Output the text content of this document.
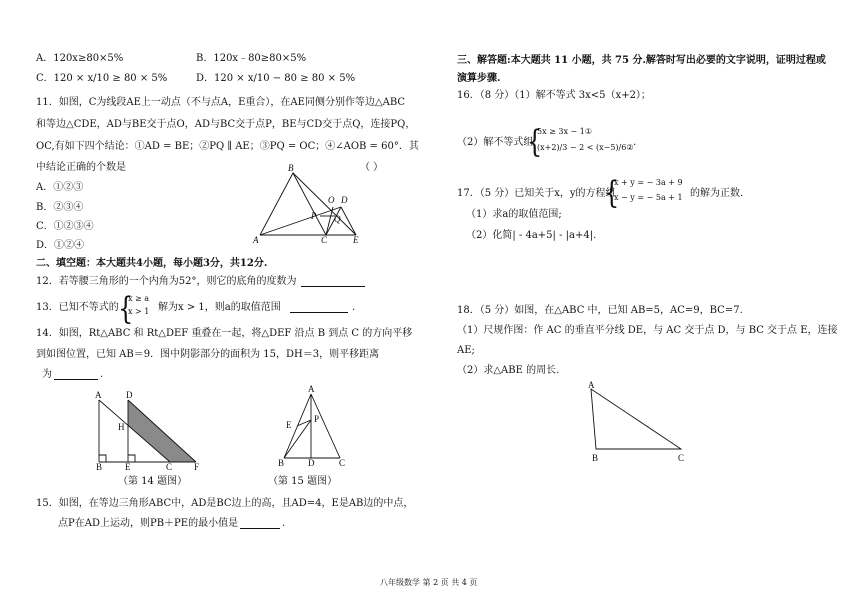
A．120x≥80×5%	B．120x﹣80≥80×5%
C．120 × x/10 ≥ 80 × 5%	D．120 × x/10 − 80 ≥ 80 × 5%
11．如图，C为线段AE上一动点（不与点A，E重合），在AE同侧分别作等边△ABC
和等边△CDE，AD与BE交于点O，AD与BC交于点P，BE与CD交于点Q，连接PQ，
OC,有如下四个结论：①AD = BE；②PQ ∥ AE；③PQ = OC；④∠AOB = 60°．其
中结论正确的个数是	（ ）
A．①②③
B．②③④
C．①②③④
D．①②④
B
O D
P Q
A	C	E
二、填空题：本大题共4小题，每小题3分，共12分.
12．若等腰三角形的一个内角为52°，则它的底角的度数为
13．已知不等式的 {
x ≥ a
x > 1 解为x > 1，则a的取值范围	.
14．如图，Rt△ABC 和 Rt△DEF 重叠在一起，将△DEF 沿点 B 到点 C 的方向平移
到如图位置，已知 AB＝9．图中阴影部分的面积为 15，DH＝3，则平移距离
为	.
A	D
H
B	E	C F
（第 14 题图）
A
E
P
B	D	C
（第 15 题图）
15．如图，在等边三角形ABC中，AD是BC边上的高，且AD=4，E是AB边的中点，
点P在AD上运动，则PB＋PE的最小值是	.
三、解答题:本大题共 11 小题，共 75 分.解答时写出必要的文字说明，证明过程或
演算步骤.
16．（8 分）（1）解不等式 3x<5（x+2）；
（2）解不等式组
{
5x ≥ 3x − 1①
(x+2)/3 − 2 < (x−5)/6② .
17．（5 分）已知关于x，y的方程组
{
x + y = − 3a + 9
x − y = − 5a + 1 的解为正数.
（1）求a的取值范围;
（2）化简| - 4a+5| - |a+4|.
18．（5 分）如图，在△ABC 中，已知 AB=5，AC=9，BC=7.
（1）尺规作图：作 AC 的垂直平分线 DE，与 AC 交于点 D，与 BC 交于点 E，连接
AE;
（2）求△ABE 的周长.
A
B	C
八年级数学 第 2 页 共 4 页
